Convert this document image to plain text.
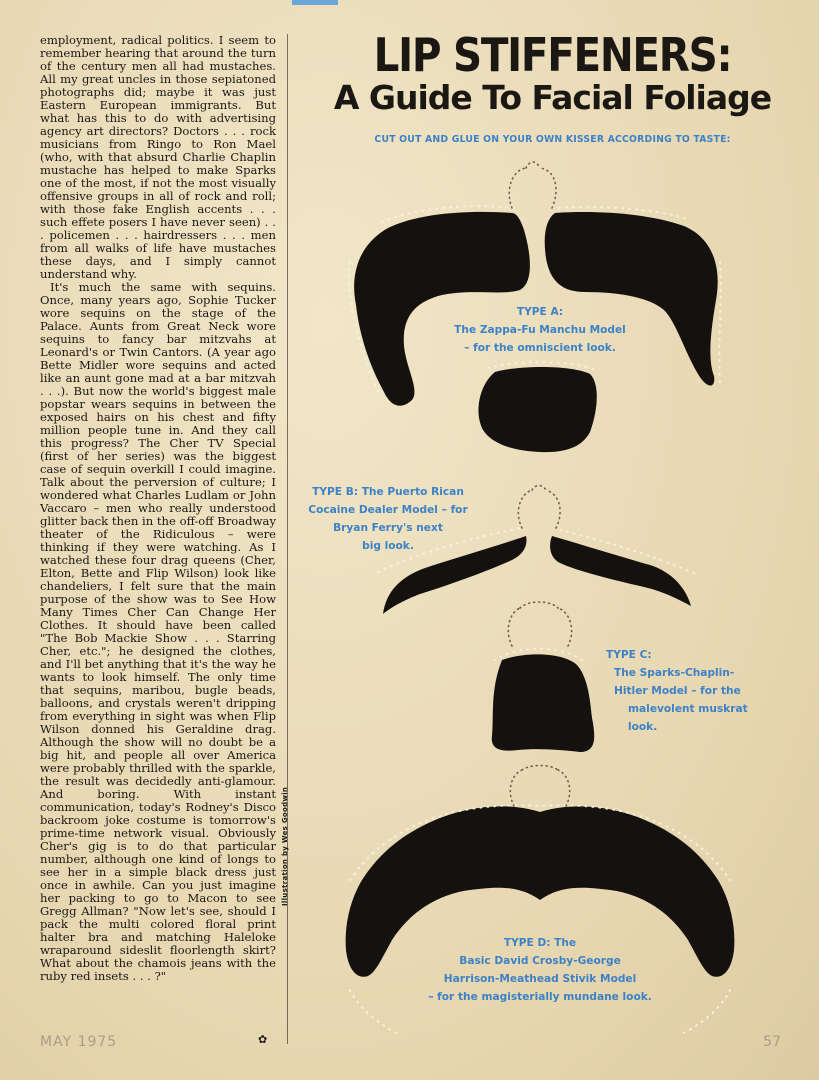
employment, radical politics. I seem to remember hearing that around the turn of the century men all had mustaches. All my great uncles in those sepiatoned photographs did; maybe it was just Eastern European immigrants. But what has this to do with advertising agency art directors? Doctors . . . rock musicians from Ringo to Ron Mael (who, with that absurd Charlie Chaplin mustache has helped to make Sparks one of the most, if not the most visually offensive groups in all of rock and roll; with those fake English accents . . . such effete posers I have never seen) . . . policemen . . . hairdressers . . . men from all walks of life have mustaches these days, and I simply cannot understand why.

It's much the same with sequins. Once, many years ago, Sophie Tucker wore sequins on the stage of the Palace. Aunts from Great Neck wore sequins to fancy bar mitzvahs at Leonard's or Twin Cantors. (A year ago Bette Midler wore sequins and acted like an aunt gone mad at a bar mitzvah . . .). But now the world's biggest male popstar wears sequins in between the exposed hairs on his chest and fifty million people tune in. And they call this progress? The Cher TV Special (first of her series) was the biggest case of sequin overkill I could imagine. Talk about the perversion of culture; I wondered what Charles Ludlam or John Vaccaro – men who really understood glitter back then in the off-off Broadway theater of the Ridiculous – were thinking if they were watching. As I watched these four drag queens (Cher, Elton, Bette and Flip Wilson) look like chandeliers, I felt sure that the main purpose of the show was to See How Many Times Cher Can Change Her Clothes. It should have been called "The Bob Mackie Show . . . Starring Cher, etc."; he designed the clothes, and I'll bet anything that it's the way he wants to look himself. The only time that sequins, maribou, bugle beads, balloons, and crystals weren't dripping from everything in sight was when Flip Wilson donned his Geraldine drag. Although the show will no doubt be a big hit, and people all over America were probably thrilled with the sparkle, the result was decidedly anti-glamour. And boring. With instant communication, today's Rodney's Disco backroom joke costume is tomorrow's prime-time network visual. Obviously Cher's gig is to do that particular number, although one kind of longs to see her in a simple black dress just once in awhile. Can you just imagine her packing to go to Macon to see Gregg Allman? "Now let's see, should I pack the multi colored floral print halter bra and matching Haleloke wraparound sideslit floorlength skirt? What about the chamois jeans with the ruby red insets . . . ?"

✿
Illustration by Wes Goodwin
LIP STIFFENERS:
A Guide To Facial Foliage
CUT OUT AND GLUE ON YOUR OWN KISSER ACCORDING TO TASTE:
TYPE A:
The Zappa-Fu Manchu Model
– for the omniscient look.
TYPE B: The Puerto Rican
Cocaine Dealer Model – for
Bryan Ferry's next
big look.
TYPE C:
The Sparks-Chaplin-
Hitler Model – for the
malevolent muskrat
look.
TYPE D: The
Basic David Crosby-George
Harrison-Meathead Stivik Model
– for the magisterially mundane look.
MAY 1975	57
